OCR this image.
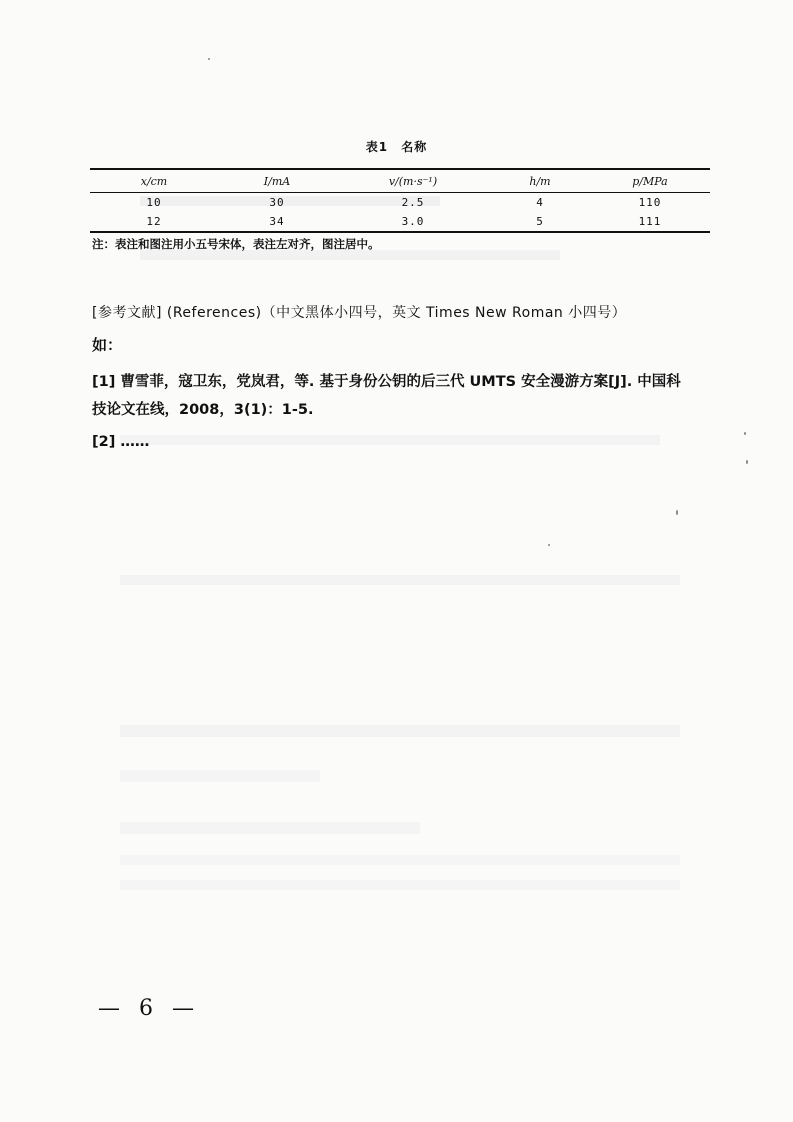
表1 名称
x/cm	I/mA	v/(m·s⁻¹)	h/m	p/MPa
10	30	2.5	4	110
12	34	3.0	5	111
注：表注和图注用小五号宋体，表注左对齐，图注居中。
[参考文献] (References)（中文黑体小四号，英文 Times New Roman 小四号）
如：
[1] 曹雪菲，寇卫东，党岚君，等. 基于身份公钥的后三代 UMTS 安全漫游方案[J]. 中国科技论文在线，2008，3(1)：1-5.
[2] ……
— 6 —
